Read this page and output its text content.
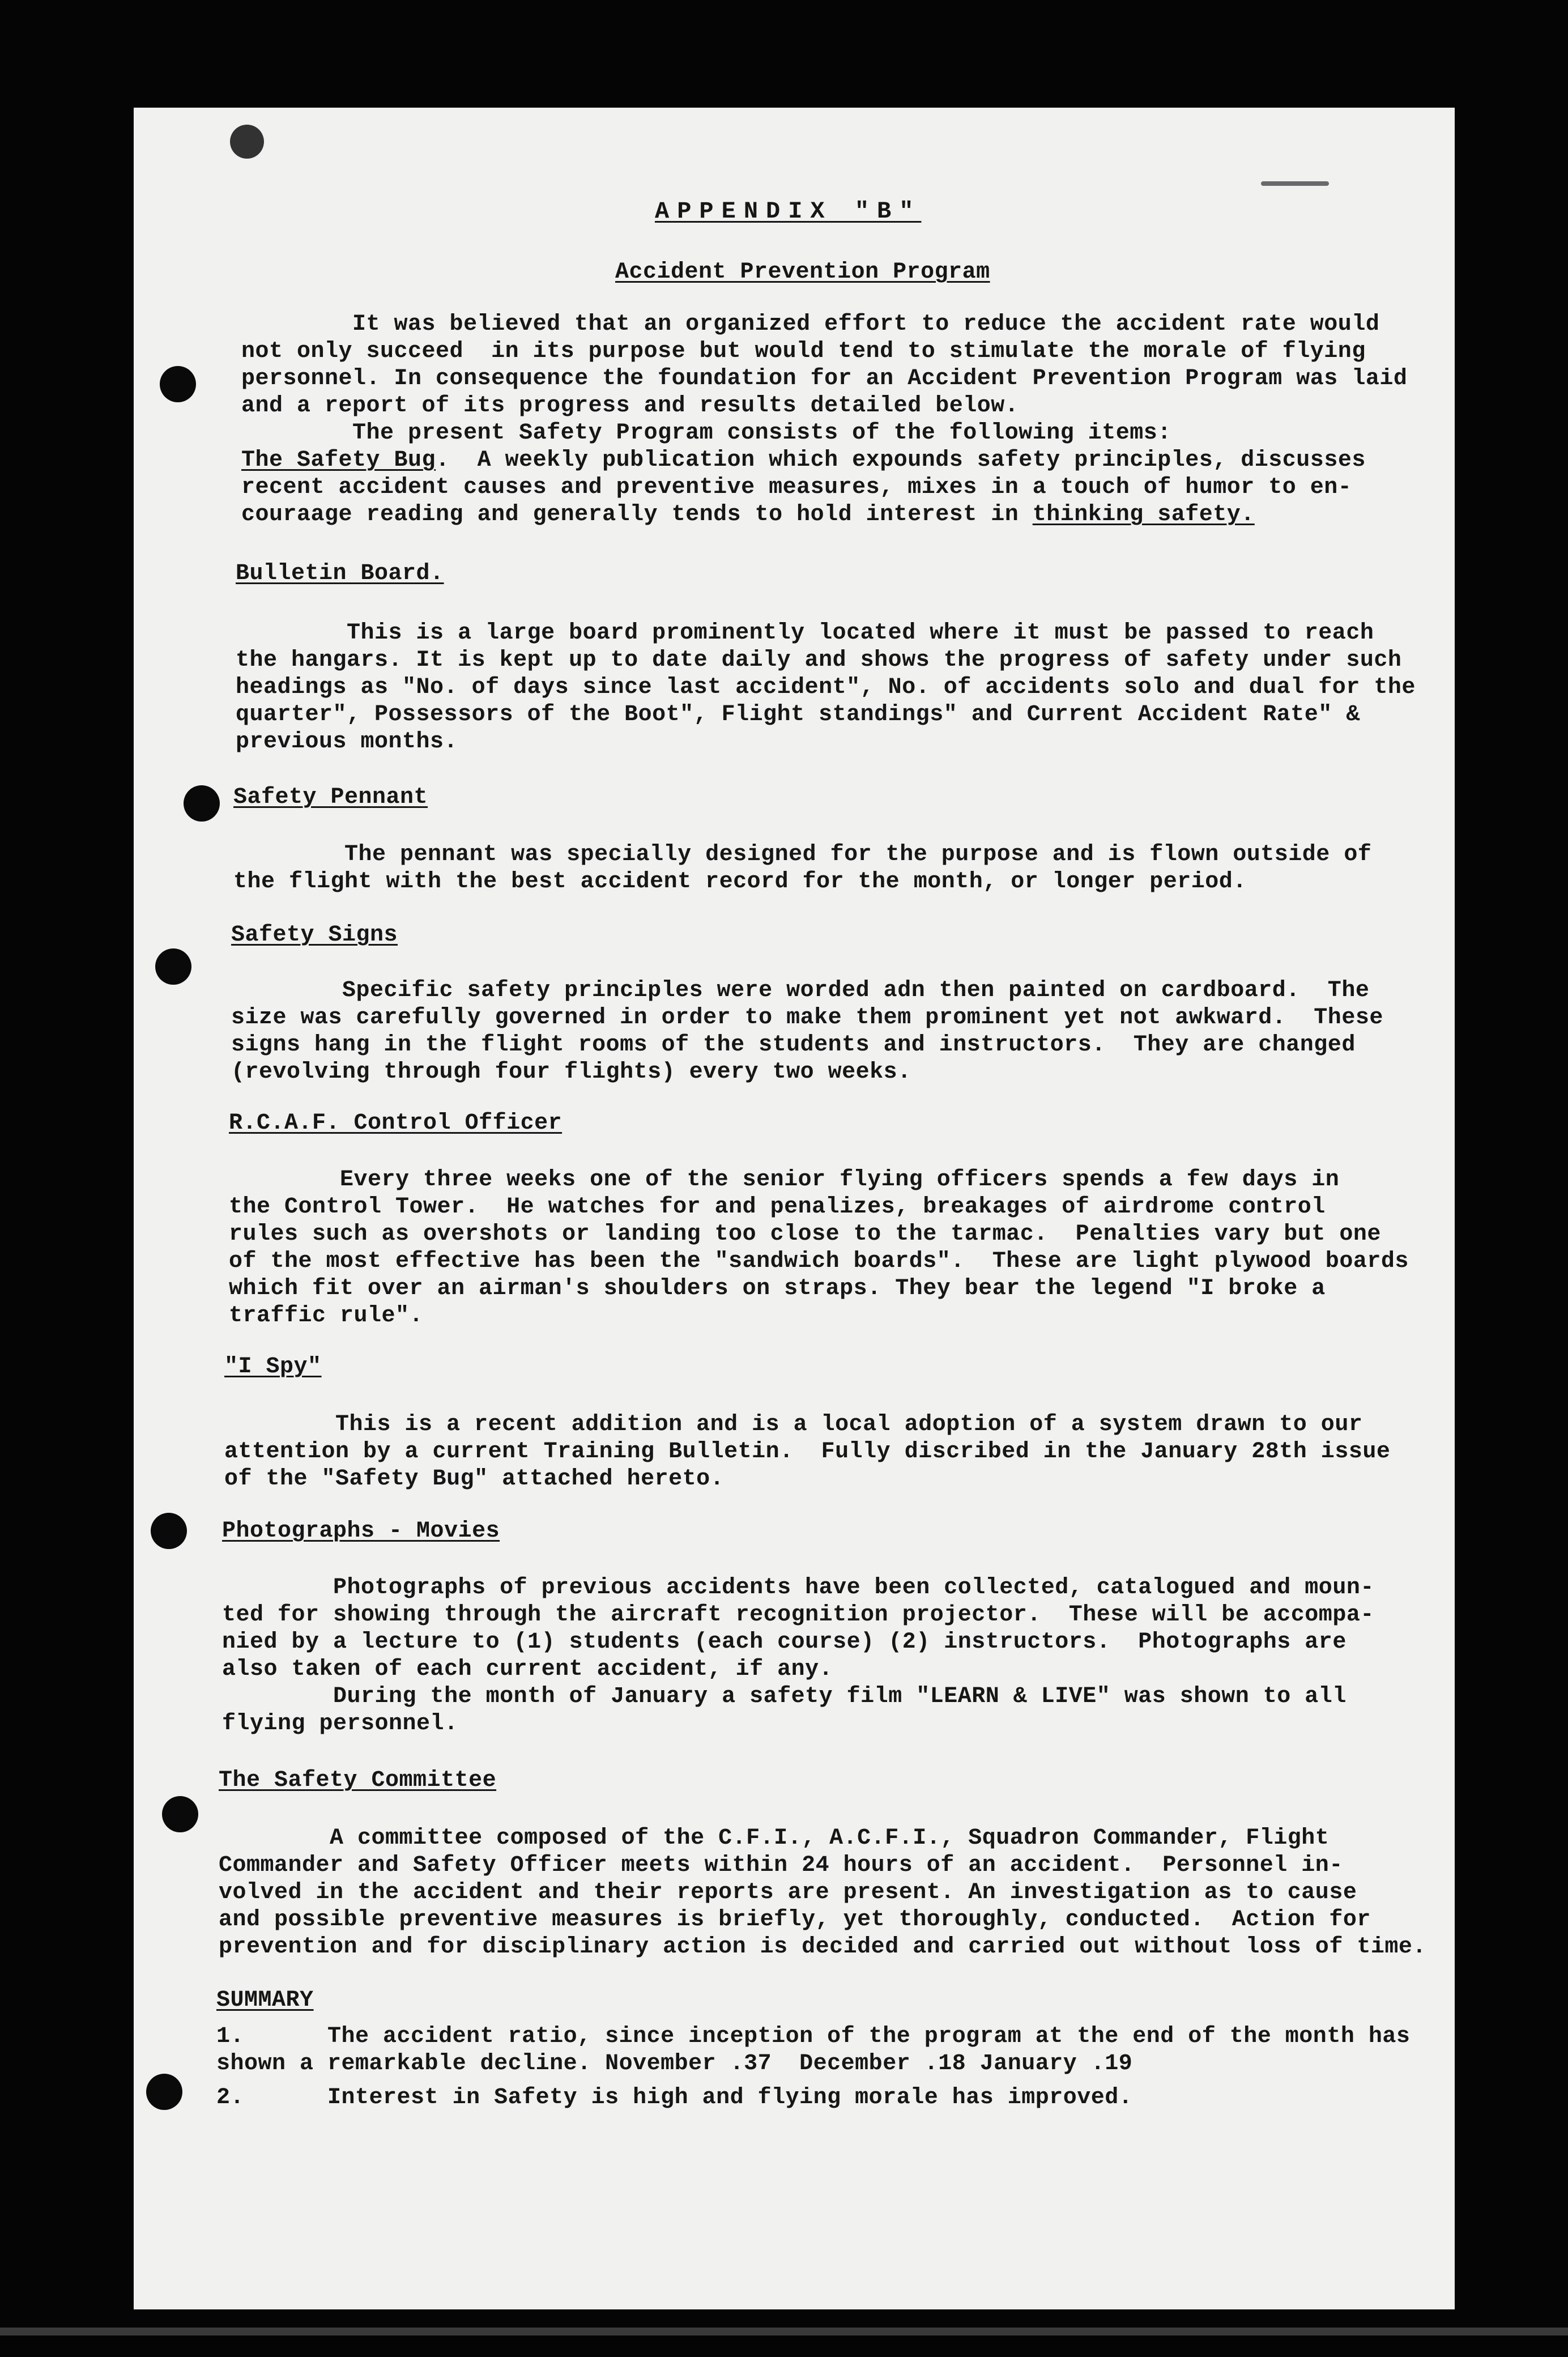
APPENDIX "B"
Accident Prevention Program
It was believed that an organized effort to reduce the accident rate would
not only succeed  in its purpose but would tend to stimulate the morale of flying
personnel. In consequence the foundation for an Accident Prevention Program was laid
and a report of its progress and results detailed below.
The present Safety Program consists of the following items:
The Safety Bug.  A weekly publication which expounds safety principles, discusses
recent accident causes and preventive measures, mixes in a touch of humor to en-
couraage reading and generally tends to hold interest in thinking safety.
Bulletin Board.
This is a large board prominently located where it must be passed to reach
the hangars. It is kept up to date daily and shows the progress of safety under such
headings as "No. of days since last accident", No. of accidents solo and dual for the
quarter", Possessors of the Boot", Flight standings" and Current Accident Rate" &
previous months.
Safety Pennant
The pennant was specially designed for the purpose and is flown outside of
the flight with the best accident record for the month, or longer period.
Safety Signs
Specific safety principles were worded adn then painted on cardboard.  The
size was carefully governed in order to make them prominent yet not awkward.  These
signs hang in the flight rooms of the students and instructors.  They are changed
(revolving through four flights) every two weeks.
R.C.A.F. Control Officer
Every three weeks one of the senior flying officers spends a few days in
the Control Tower.  He watches for and penalizes, breakages of airdrome control
rules such as overshots or landing too close to the tarmac.  Penalties vary but one
of the most effective has been the "sandwich boards".  These are light plywood boards
which fit over an airman's shoulders on straps. They bear the legend "I broke a
traffic rule".
"I Spy"
This is a recent addition and is a local adoption of a system drawn to our
attention by a current Training Bulletin.  Fully discribed in the January 28th issue
of the "Safety Bug" attached hereto.
Photographs - Movies
Photographs of previous accidents have been collected, catalogued and moun-
ted for showing through the aircraft recognition projector.  These will be accompa-
nied by a lecture to (1) students (each course) (2) instructors.  Photographs are
also taken of each current accident, if any.
During the month of January a safety film "LEARN & LIVE" was shown to all
flying personnel.
The Safety Committee
A committee composed of the C.F.I., A.C.F.I., Squadron Commander, Flight
Commander and Safety Officer meets within 24 hours of an accident.  Personnel in-
volved in the accident and their reports are present. An investigation as to cause
and possible preventive measures is briefly, yet thoroughly, conducted.  Action for
prevention and for disciplinary action is decided and carried out without loss of time.
SUMMARY
1.      The accident ratio, since inception of the program at the end of the month has
shown a remarkable decline. November .37  December .18 January .19
2.      Interest in Safety is high and flying morale has improved.
